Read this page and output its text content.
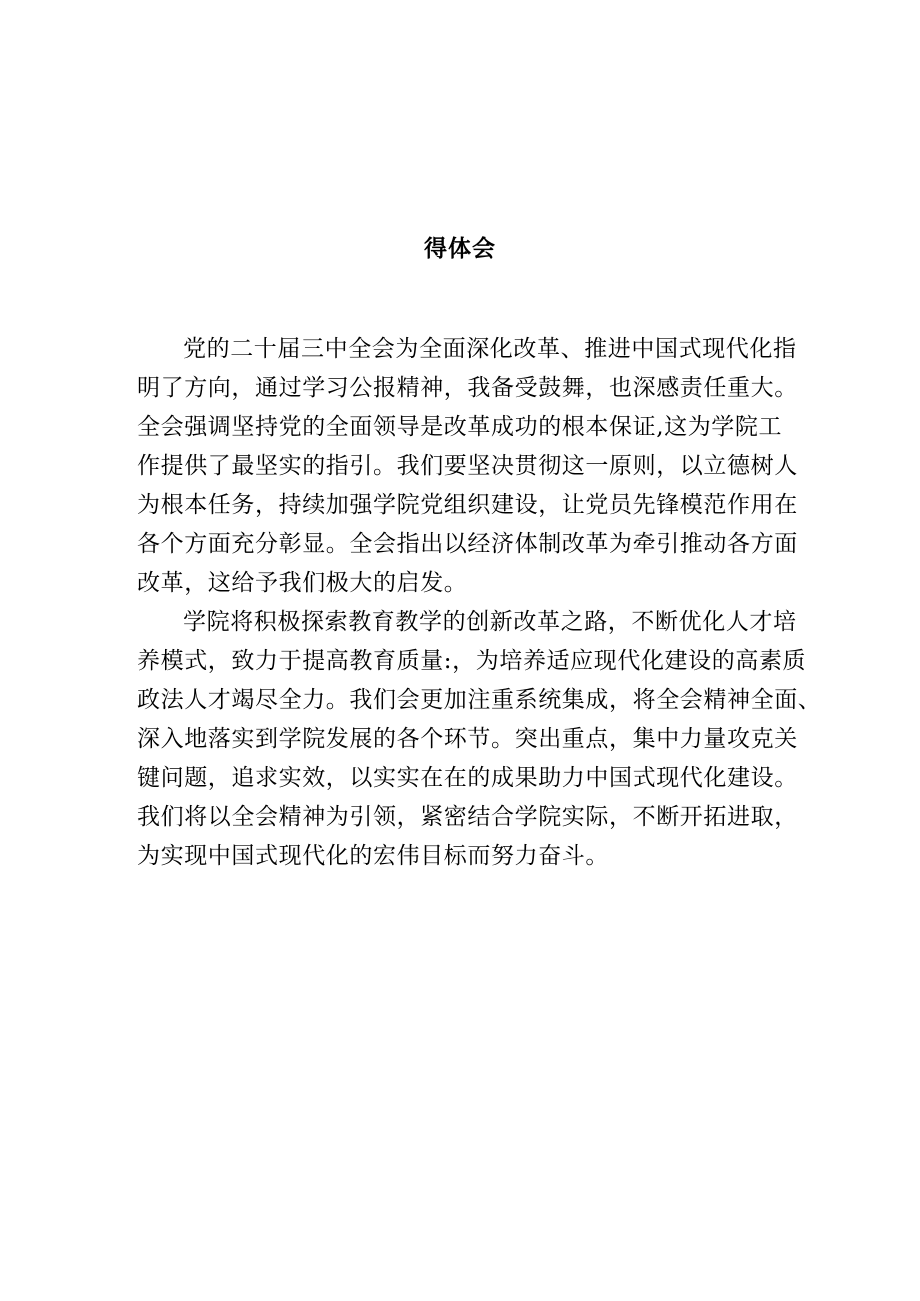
得体会
党的二十届三中全会为全面深化改革、推进中国式现代化指
明了方向，通过学习公报精神，我备受鼓舞，也深感责任重大。
全会强调坚持党的全面领导是改革成功的根本保证,这为学院工
作提供了最坚实的指引。我们要坚决贯彻这一原则，以立德树人
为根本任务，持续加强学院党组织建设，让党员先锋模范作用在
各个方面充分彰显。全会指出以经济体制改革为牵引推动各方面
改革，这给予我们极大的启发。
学院将积极探索教育教学的创新改革之路，不断优化人才培
养模式，致力于提高教育质量:，为培养适应现代化建设的高素质
政法人才竭尽全力。我们会更加注重系统集成，将全会精神全面、
深入地落实到学院发展的各个环节。突出重点，集中力量攻克关
键问题，追求实效，以实实在在的成果助力中国式现代化建设。
我们将以全会精神为引领，紧密结合学院实际，不断开拓进取，
为实现中国式现代化的宏伟目标而努力奋斗。
